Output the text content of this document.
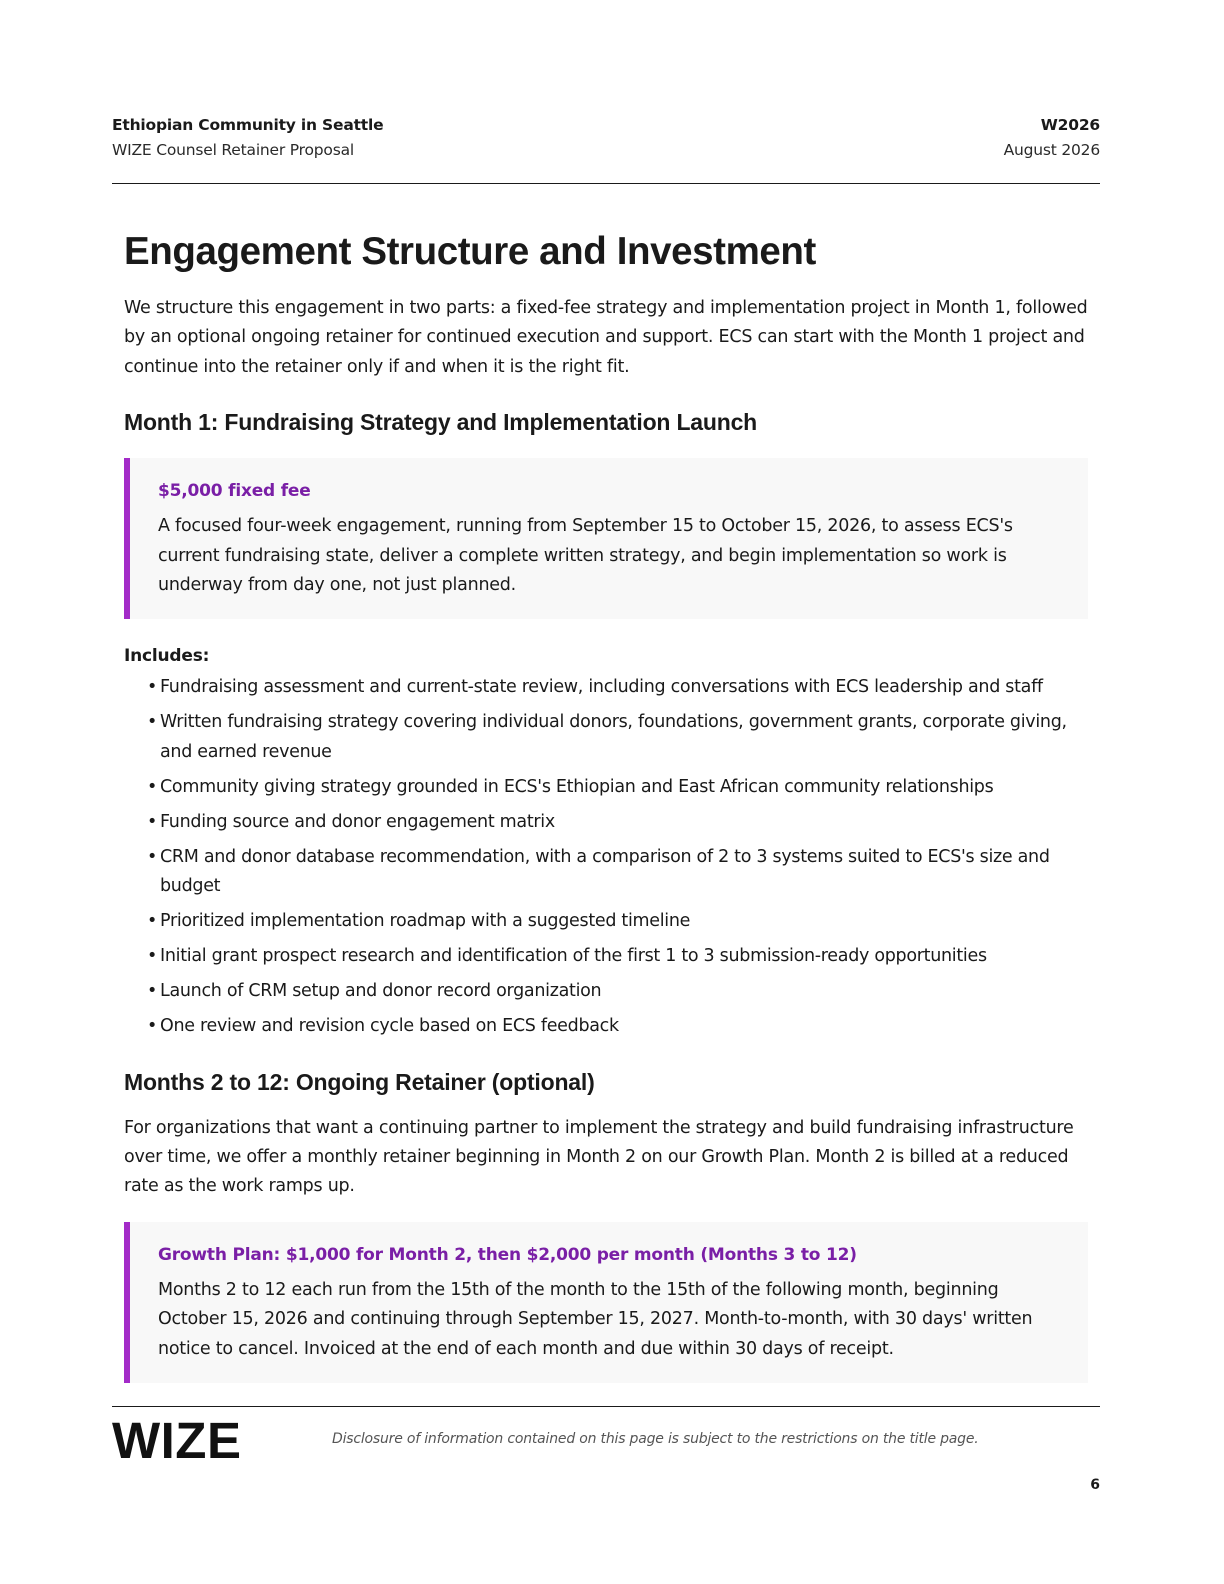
Ethiopian Community in Seattle
WIZE Counsel Retainer Proposal
W2026
August 2026
Engagement Structure and Investment

We structure this engagement in two parts: a fixed-fee strategy and implementation project in Month 1, followed by an optional ongoing retainer for continued execution and support. ECS can start with the Month 1 project and continue into the retainer only if and when it is the right fit.

Month 1: Fundraising Strategy and Implementation Launch
$5,000 fixed fee
A focused four-week engagement, running from September 15 to October 15, 2026, to assess ECS's current fundraising state, deliver a complete written strategy, and begin implementation so work is underway from day one, not just planned.
Includes:
• Fundraising assessment and current-state review, including conversations with ECS leadership and staff
• Written fundraising strategy covering individual donors, foundations, government grants, corporate giving, and earned revenue
• Community giving strategy grounded in ECS's Ethiopian and East African community relationships
• Funding source and donor engagement matrix
• CRM and donor database recommendation, with a comparison of 2 to 3 systems suited to ECS's size and budget
• Prioritized implementation roadmap with a suggested timeline
• Initial grant prospect research and identification of the first 1 to 3 submission-ready opportunities
• Launch of CRM setup and donor record organization
• One review and revision cycle based on ECS feedback
Months 2 to 12: Ongoing Retainer (optional)

For organizations that want a continuing partner to implement the strategy and build fundraising infrastructure over time, we offer a monthly retainer beginning in Month 2 on our Growth Plan. Month 2 is billed at a reduced rate as the work ramps up.

Growth Plan: $1,000 for Month 2, then $2,000 per month (Months 3 to 12)
Months 2 to 12 each run from the 15th of the month to the 15th of the following month, beginning October 15, 2026 and continuing through September 15, 2027. Month-to-month, with 30 days' written notice to cancel. Invoiced at the end of each month and due within 30 days of receipt.
WIZE	Disclosure of information contained on this page is subject to the restrictions on the title page.
6
